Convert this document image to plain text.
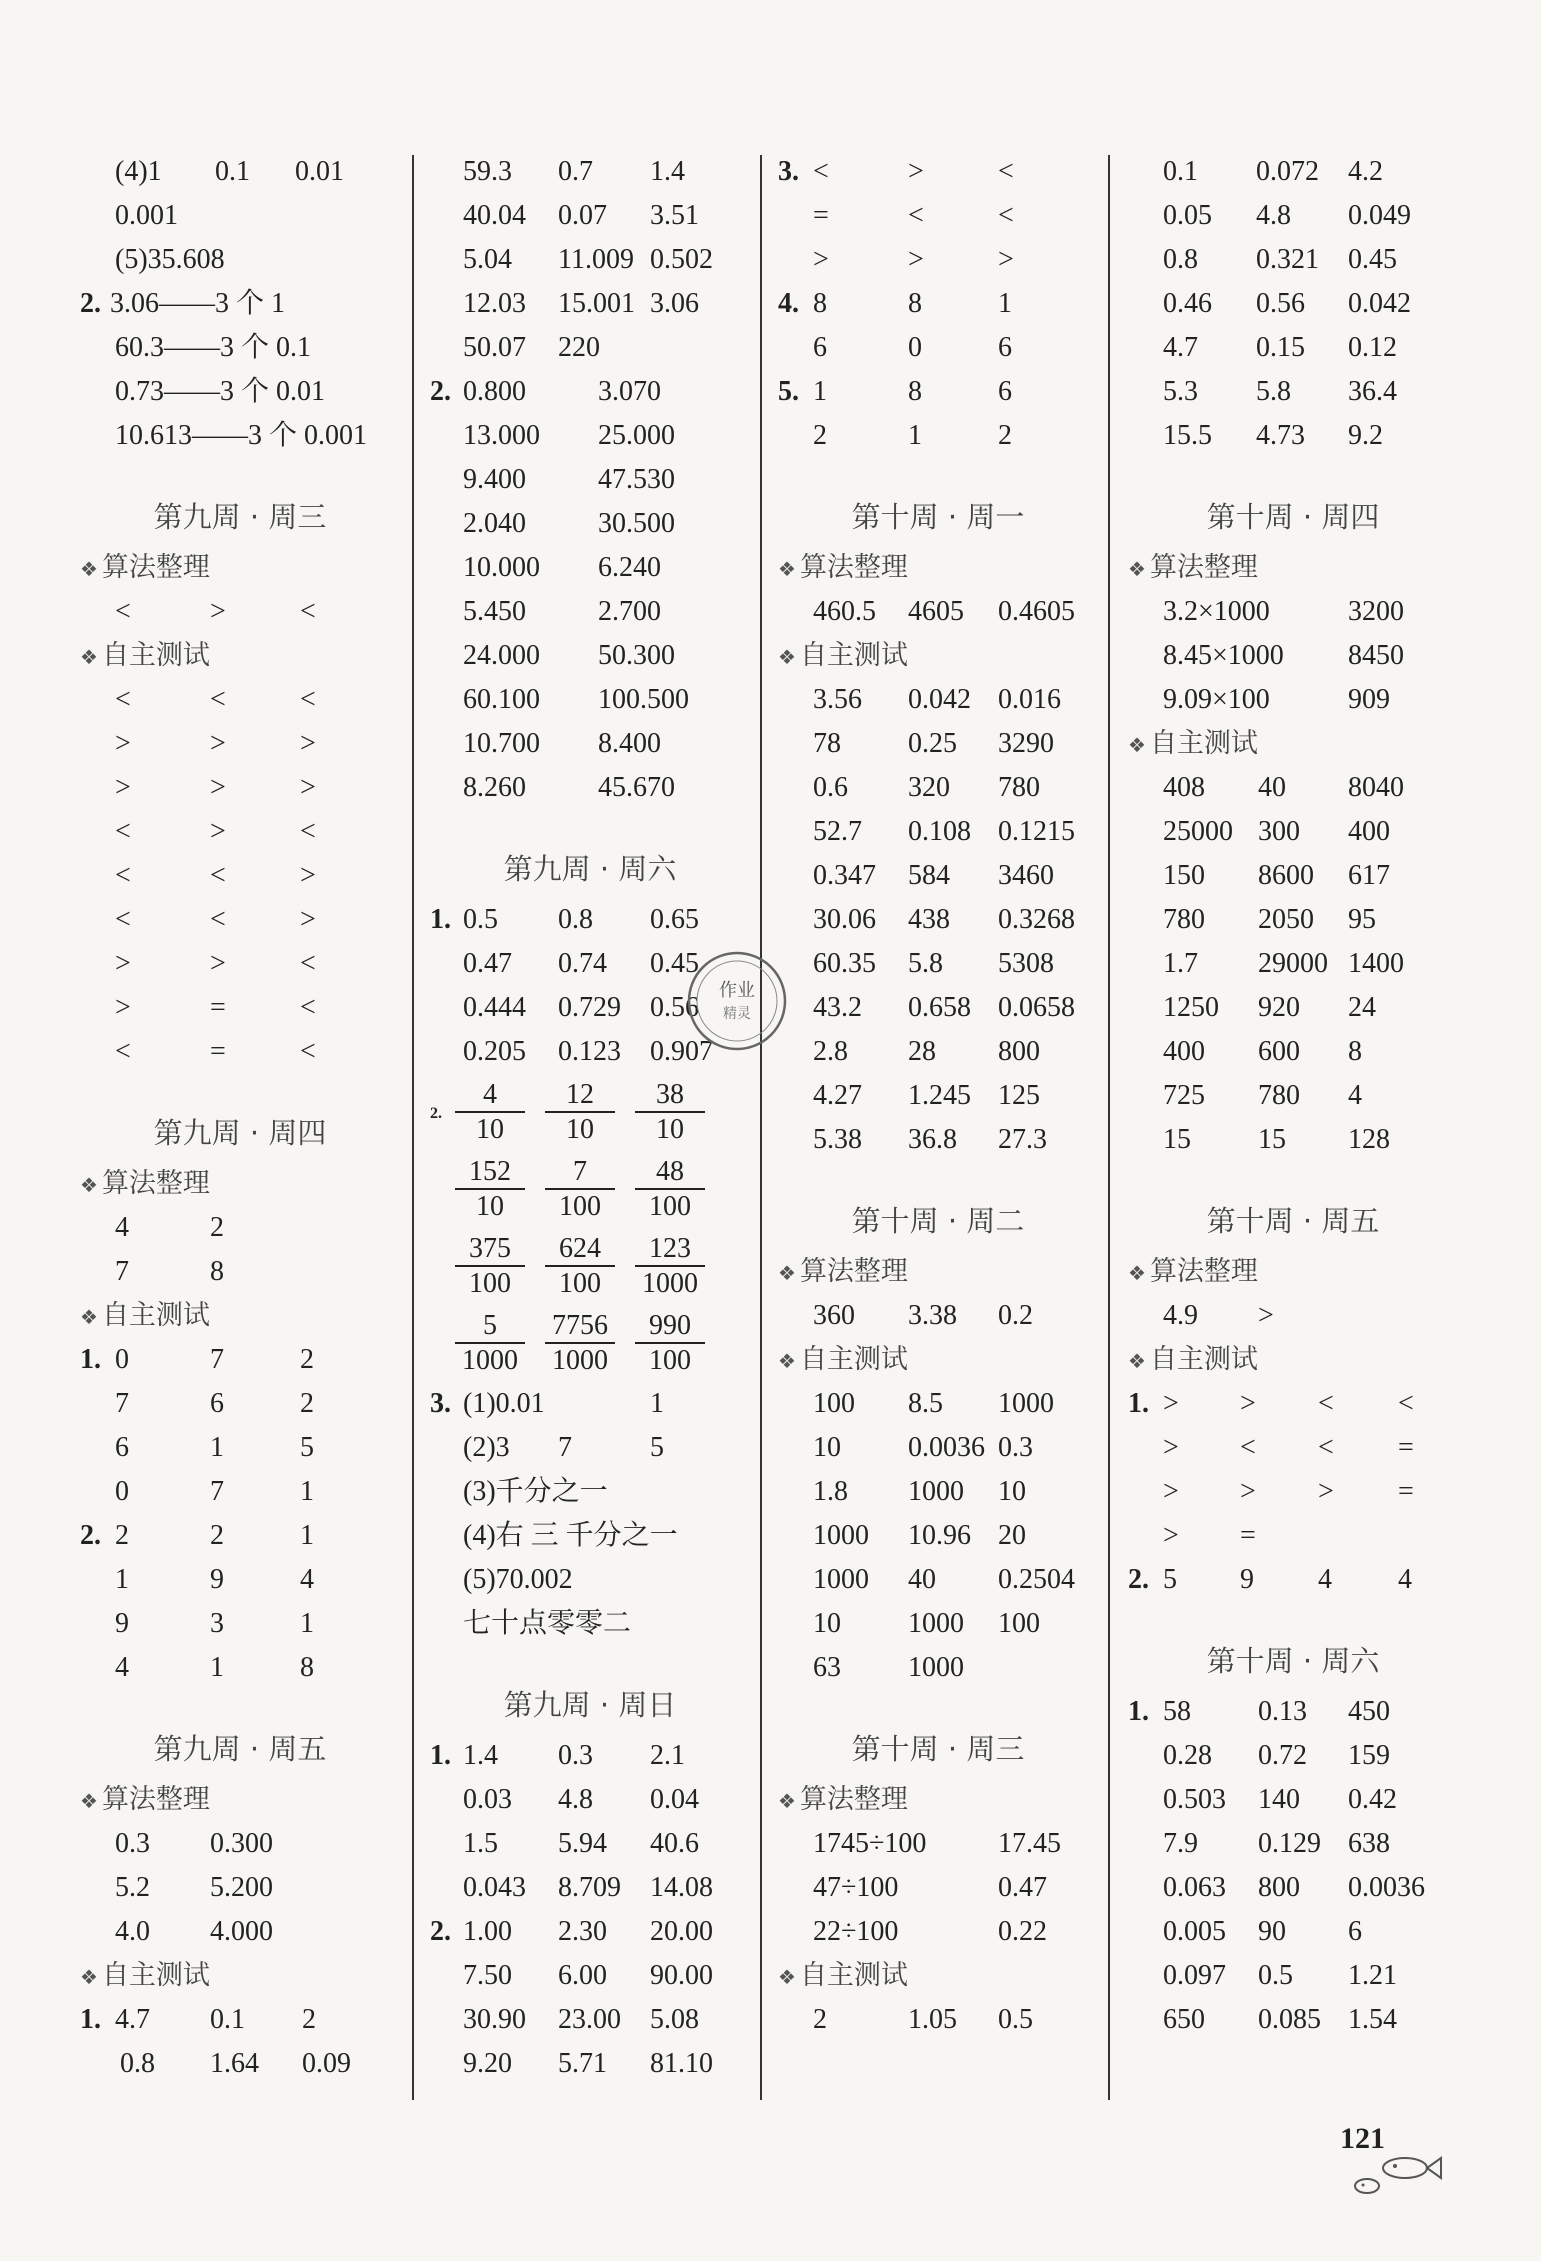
(4)1 0.1 0.01
0.001
(5)35.608
2. 3.06——3 个 1
60.3——3 个 0.1
0.73——3 个 0.01
10.613——3 个 0.001
第九周 · 周三
❖ 算法整理
<	>	<
❖ 自主测试
<	<	<
>	>	>
>	>	>
<	>	<
<	<	>
<	<	>
>	>	<
>	=	<
<	=	<
第九周 · 周四
❖ 算法整理
4	2
7	8
❖ 自主测试
1. 0	7	2
7	6	2
6	1	5
0	7	1
2. 2	2	1
1	9	4
9	3	1
4	1	8
第九周 · 周五
❖ 算法整理
0.3 0.300
5.2 5.200
4.0 4.000
❖ 自主测试
1. 4.7 0.1 2
0.8 1.64 0.09
59.3 0.7 1.4
40.04 0.07 3.51
5.04 11.009 0.502
12.03 15.001 3.06
50.07 220
2. 0.800	3.070
13.000 25.000
9.400	47.530
2.040	30.500
10.000 6.240
5.450	2.700
24.000 50.300
60.100 100.500
10.700 8.400
8.260	45.670
第九周 · 周六
1. 0.5 0.8 0.65
0.47 0.74 0.45
0.444 0.729 0.56
0.205 0.123 0.907
2. $\frac{4}{10} \frac{12}{10} \frac{38}{10}$
$\frac{152}{10} \frac{7}{100} \frac{48}{100}$
$\frac{375}{100} \frac{624}{100} \frac{123}{1000}$
$\frac{5}{1000} \frac{7756}{1000} \frac{990}{100}$
3. (1)0.01	1
(2)3 7	5
(3)千分之一
(4)右 三 千分之一
(5)70.002
七十点零零二
第九周 · 周日
1. 1.4 0.3 2.1
0.03 4.8 0.04
1.5 5.94 40.6
0.043 8.709 14.08
2. 1.00 2.30 20.00
7.50 6.00 90.00
30.90 23.00 5.08
9.20 5.71 81.10
3. <	>	<
=	<	<
>	>	>
4. 8	8	1
6	0	6
5. 1	8	6
2	1	2
第十周 · 周一
❖ 算法整理
460.5 4605 0.4605
❖ 自主测试
3.56 0.042 0.016
78 0.25 3290
0.6 320 780
52.7 0.108 0.1215
0.347 584 3460
30.06 438 0.3268
60.35 5.8 5308
43.2 0.658 0.0658
2.8 28 800
4.27 1.245 125
5.38 36.8 27.3
第十周 · 周二
❖ 算法整理
360 3.38 0.2
❖ 自主测试
100 8.5 1000
10 0.0036 0.3
1.8 1000 10
1000 10.96 20
1000 40 0.2504
10 1000 100
63 1000
第十周 · 周三
❖ 算法整理
1745÷100	17.45
47÷100	0.47
22÷100	0.22
❖ 自主测试
2	1.05 0.5
0.1 0.072 4.2
0.05 4.8 0.049
0.8 0.321 0.45
0.46 0.56 0.042
4.7 0.15 0.12
5.3 5.8 36.4
15.5 4.73 9.2
第十周 · 周四
❖ 算法整理
3.2×1000	3200
8.45×1000 8450
9.09×100	909
❖ 自主测试
408 40 8040
25000 300 400
150 8600 617
780 2050 95
1.7 29000 1400
1250 920 24
400 600 8
725 780 4
15 15 128
第十周 · 周五
❖ 算法整理
4.9 >
❖ 自主测试
1. > > < <
> < < =
> > > =
> =
2. 5 9 4 4
第十周 · 周六
1. 58 0.13 450
0.28 0.72 159
0.503 140 0.42
7.9 0.129 638
0.063 800 0.0036
0.005 90 6
0.097 0.5 1.21
650 0.085 1.54
作业
精灵
121
